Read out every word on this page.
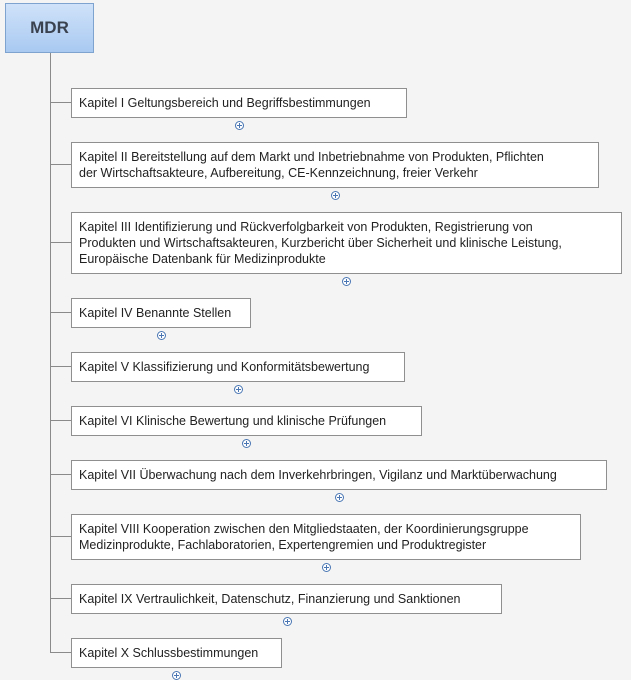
MDR
Kapitel I Geltungsbereich und Begriffsbestimmungen
Kapitel II Bereitstellung auf dem Markt und Inbetriebnahme von Produkten, Pflichten
der Wirtschaftsakteure, Aufbereitung, CE-Kennzeichnung, freier Verkehr
Kapitel III Identifizierung und Rückverfolgbarkeit von Produkten, Registrierung von
Produkten und Wirtschaftsakteuren, Kurzbericht über Sicherheit und klinische Leistung,
Europäische Datenbank für Medizinprodukte
Kapitel IV Benannte Stellen
Kapitel V Klassifizierung und Konformitätsbewertung
Kapitel VI Klinische Bewertung und klinische Prüfungen
Kapitel VII Überwachung nach dem Inverkehrbringen, Vigilanz und Marktüberwachung
Kapitel VIII Kooperation zwischen den Mitgliedstaaten, der Koordinierungsgruppe
Medizinprodukte, Fachlaboratorien, Expertengremien und Produktregister
Kapitel IX Vertraulichkeit, Datenschutz, Finanzierung und Sanktionen
Kapitel X Schlussbestimmungen
